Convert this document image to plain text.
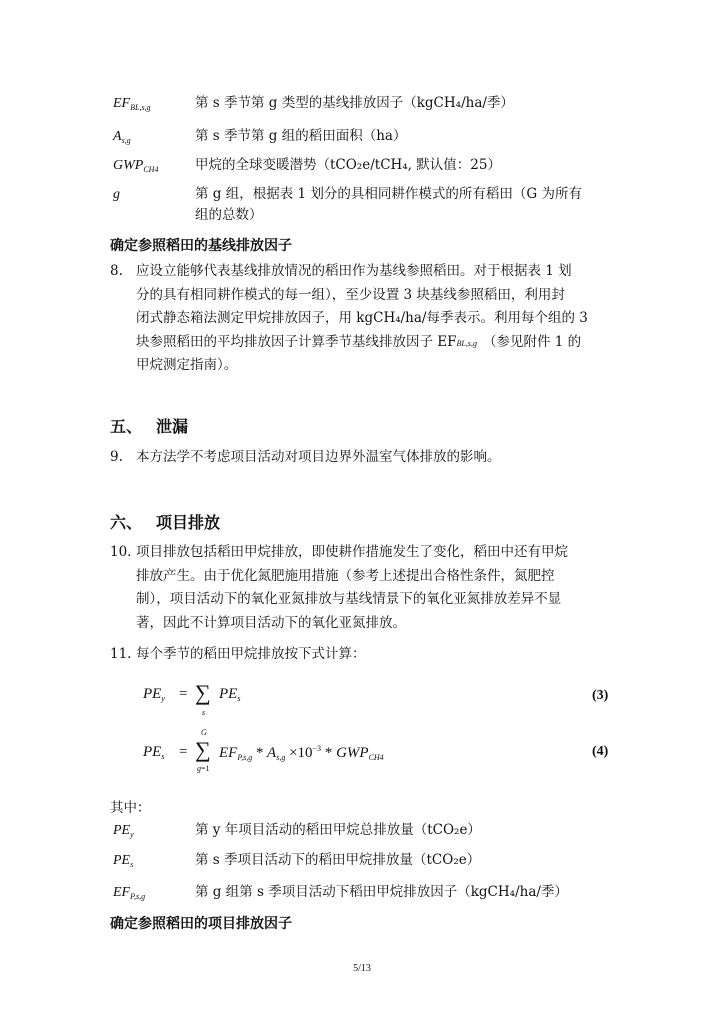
$EF_{BL,s,g}$	第 s 季节第 g 类型的基线排放因子（kgCH₄/ha/季）
$A_{s,g}$	第 s 季节第 g 组的稻田面积（ha）
$GWP_{CH4}$	甲烷的全球变暖潜势（tCO₂e/tCH₄, 默认值：25）
g	第 g 组，根据表 1 划分的具相同耕作模式的所有稻田（G 为所有
组的总数）
确定参照稻田的基线排放因子
8. 应设立能够代表基线排放情况的稻田作为基线参照稻田。对于根据表 1 划
分的具有相同耕作模式的每一组），至少设置 3 块基线参照稻田，利用封
闭式静态箱法测定甲烷排放因子，用 kgCH₄/ha/每季表示。利用每个组的 3
块参照稻田的平均排放因子计算季节基线排放因子 EFBL,s,g （参见附件 1 的
甲烷测定指南）。
五、 泄漏
9. 本方法学不考虑项目活动对项目边界外温室气体排放的影响。
六、 项目排放
10. 项目排放包括稻田甲烷排放，即使耕作措施发生了变化，稻田中还有甲烷
排放产生。由于优化氮肥施用措施（参考上述提出合格性条件，氮肥控
制），项目活动下的氧化亚氮排放与基线情景下的氧化亚氮排放差异不显
著，因此不计算项目活动下的氧化亚氮排放。
11. 每个季节的稻田甲烷排放按下式计算：
$PE_y$ = ∑
s
$PE_s$	(3)
G
$PE_s$ = ∑
g=1
$EF_{P,s,g} * A_{s,g} \times 10^{-3} * GWP_{CH4}$	(4)
其中：
$PE_y$	第 y 年项目活动的稻田甲烷总排放量（tCO₂e）
$PE_s$	第 s 季项目活动下的稻田甲烷排放量（tCO₂e）
$EF_{P,s,g}$	第 g 组第 s 季项目活动下稻田甲烷排放因子（kgCH₄/ha/季）
确定参照稻田的项目排放因子
5/13
